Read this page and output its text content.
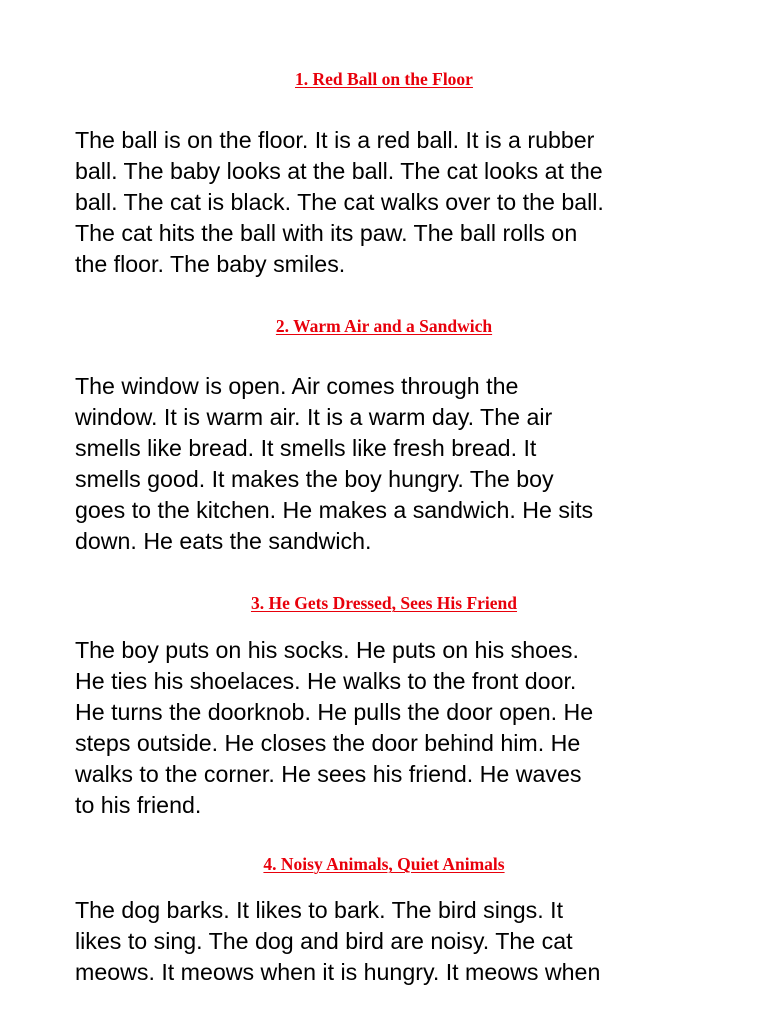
1. Red Ball on the Floor

The ball is on the floor. It is a red ball. It is a rubber
ball. The baby looks at the ball. The cat looks at the
ball. The cat is black. The cat walks over to the ball.
The cat hits the ball with its paw. The ball rolls on
the floor. The baby smiles.

2. Warm Air and a Sandwich

The window is open. Air comes through the
window. It is warm air. It is a warm day. The air
smells like bread. It smells like fresh bread. It
smells good. It makes the boy hungry. The boy
goes to the kitchen. He makes a sandwich. He sits
down. He eats the sandwich.

3. He Gets Dressed, Sees His Friend

The boy puts on his socks. He puts on his shoes.
He ties his shoelaces. He walks to the front door.
He turns the doorknob. He pulls the door open. He
steps outside. He closes the door behind him. He
walks to the corner. He sees his friend. He waves
to his friend.

4. Noisy Animals, Quiet Animals

The dog barks. It likes to bark. The bird sings. It
likes to sing. The dog and bird are noisy. The cat
meows. It meows when it is hungry. It meows when
